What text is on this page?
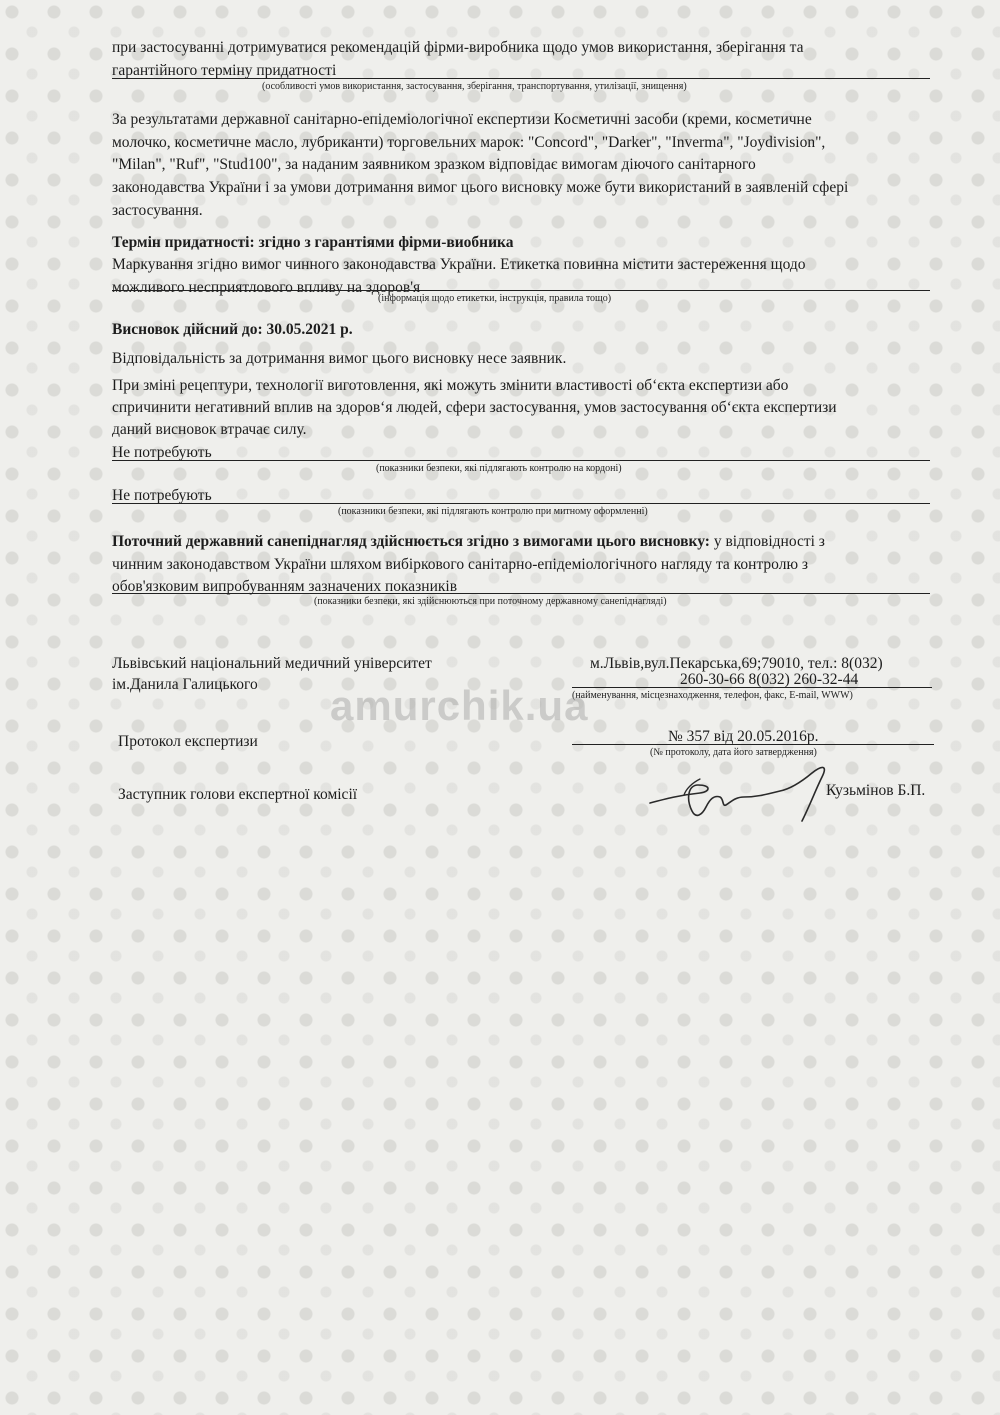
при застосуванні дотримуватися рекомендацій фірми-виробника щодо умов використання, зберігання та
гарантійного терміну придатності
(особливості умов використання, застосування, зберігання, транспортування, утилізації, знищення)
За результатами державної санітарно-епідеміологічної експертизи Косметичні засоби (креми, косметичне
молочко, косметичне масло, лубриканти) торговельних марок: "Concord", "Darker", "Inverma", "Joydivision",
"Milan", "Ruf", "Stud100", за наданим заявником зразком відповідає вимогам діючого санітарного
законодавства України і за умови дотримання вимог цього висновку може бути використаний в заявленій сфері
застосування.
Термін придатності: згідно з гарантіями фірми-виобника
Маркування згідно вимог чинного законодавства України. Етикетка повинна містити застереження щодо
можливого несприятлового впливу на здоров'я
(інформація щодо етикетки, інструкція, правила тощо)
Висновок дійсний до: 30.05.2021 р.
Відповідальність за дотримання вимог цього висновку несе заявник.
При зміні рецептури, технології виготовлення, які можуть змінити властивості об‘єкта експертизи або
спричинити негативний вплив на здоров‘я людей, сфери застосування, умов застосування об‘єкта експертизи
даний висновок втрачає силу.
Не потребують
(показники безпеки, які підлягають контролю на кордоні)
Не потребують
(показники безпеки, які підлягають контролю при митному оформленні)
Поточний державний санепіднагляд здійснюється згідно з вимогами цього висновку: у відповідності з
чинним законодавством України шляхом вибіркового санітарно-епідеміологічного нагляду та контролю з
обов'язковим випробуванням зазначених показників
(показники безпеки, які здійснюються при поточному державному санепіднагляді)
Львівський національний медичний університет
ім.Данила Галицького
м.Львів,вул.Пекарська,69;79010, тел.: 8(032)
260-30-66 8(032) 260-32-44
(найменування, місцезнаходження, телефон, факс, E-mail, WWW)
amurchik.ua
Протокол експертизи	№ 357 від 20.05.2016р.
(№ протоколу, дата його затвердження)
Заступник голови експертної комісії	Кузьмінов Б.П.
